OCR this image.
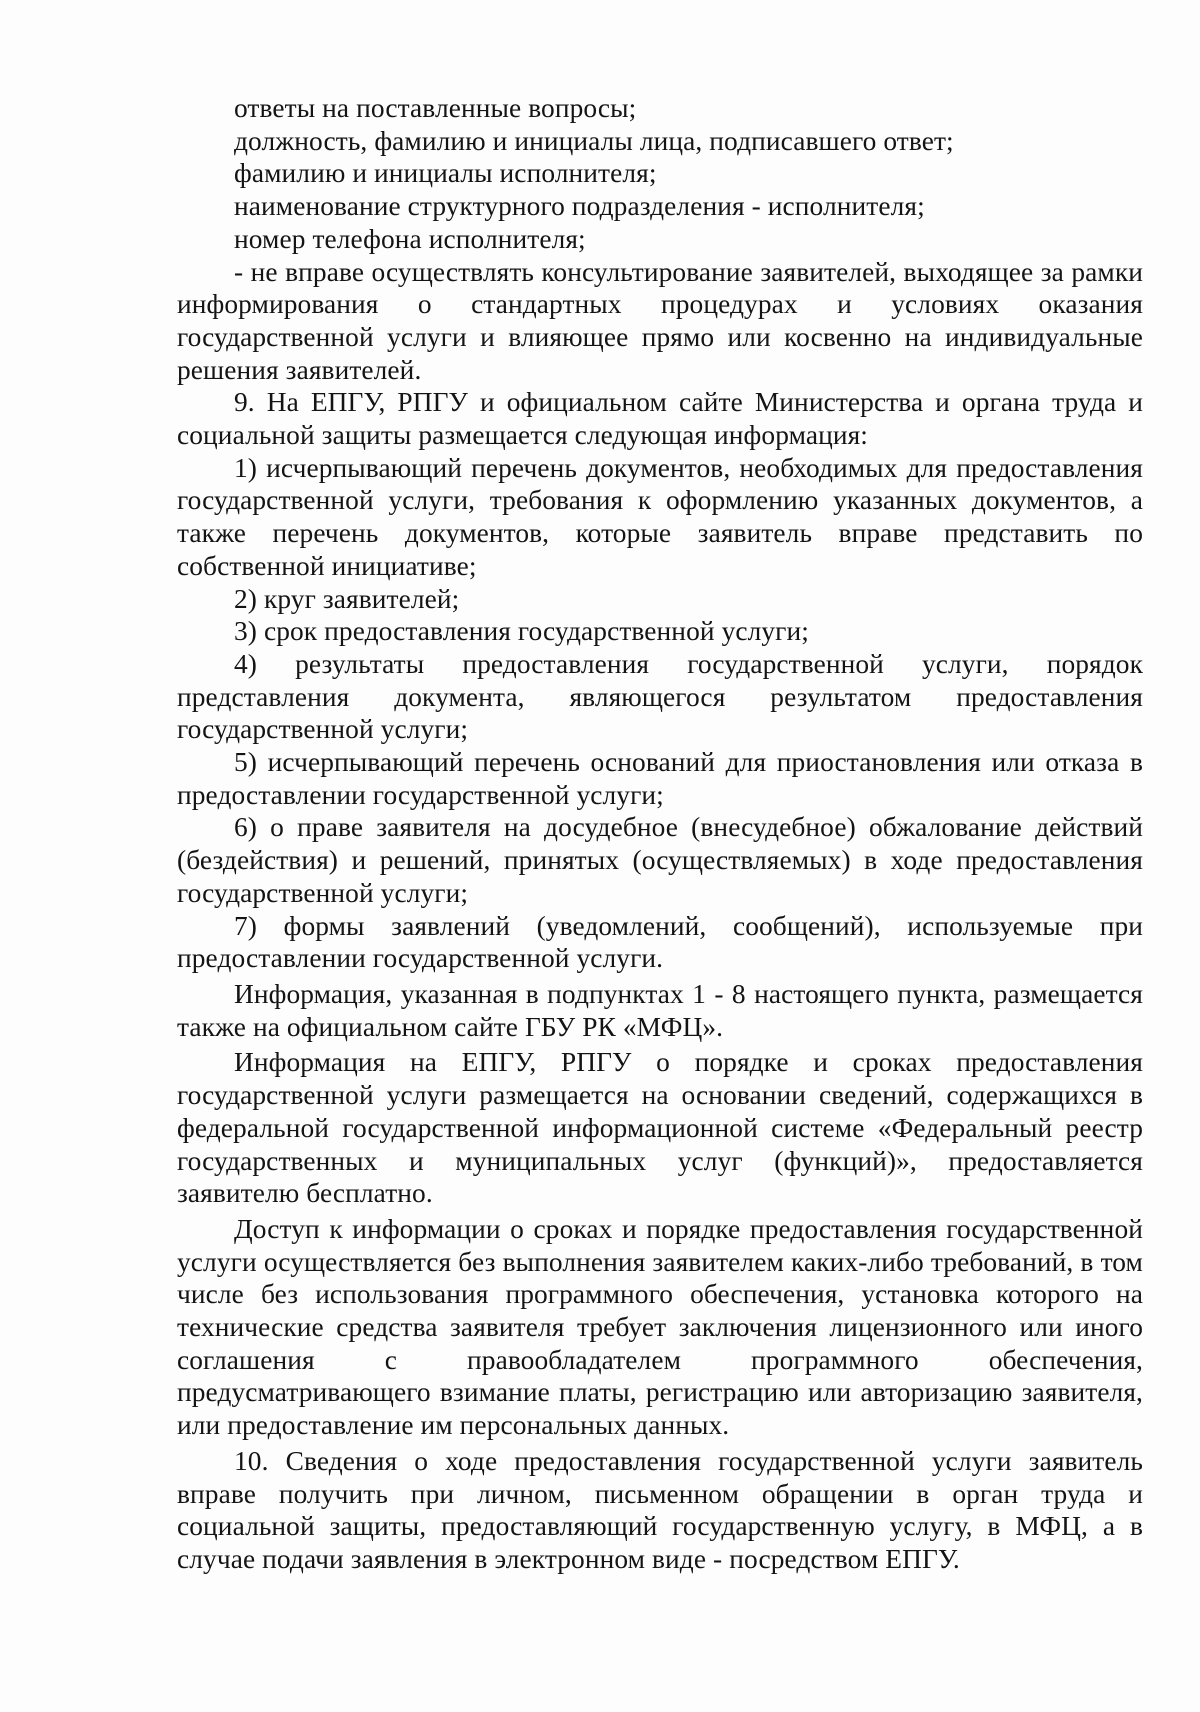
ответы на поставленные вопросы;

должность, фамилию и инициалы лица, подписавшего ответ;

фамилию и инициалы исполнителя;

наименование структурного подразделения - исполнителя;

номер телефона исполнителя;

- не вправе осуществлять консультирование заявителей, выходящее за рамки информирования о стандартных процедурах и условиях оказания государственной услуги и влияющее прямо или косвенно на индивидуальные решения заявителей.

9. На ЕПГУ, РПГУ и официальном сайте Министерства и органа труда и социальной защиты размещается следующая информация:

1) исчерпывающий перечень документов, необходимых для предоставления государственной услуги, требования к оформлению указанных документов, а также перечень документов, которые заявитель вправе представить по собственной инициативе;

2) круг заявителей;

3) срок предоставления государственной услуги;

4) результаты предоставления государственной услуги, порядок представления документа, являющегося результатом предоставления государственной услуги;

5) исчерпывающий перечень оснований для приостановления или отказа в предоставлении государственной услуги;

6) о праве заявителя на досудебное (внесудебное) обжалование действий (бездействия) и решений, принятых (осуществляемых) в ходе предоставления государственной услуги;

7) формы заявлений (уведомлений, сообщений), используемые при предоставлении государственной услуги.

Информация, указанная в подпунктах 1 - 8 настоящего пункта, размещается также на официальном сайте ГБУ РК «МФЦ».

Информация на ЕПГУ, РПГУ о порядке и сроках предоставления государственной услуги размещается на основании сведений, содержащихся в федеральной государственной информационной системе «Федеральный реестр государственных и муниципальных услуг (функций)», предоставляется заявителю бесплатно.

Доступ к информации о сроках и порядке предоставления государственной услуги осуществляется без выполнения заявителем каких-либо требований, в том числе без использования программного обеспечения, установка которого на технические средства заявителя требует заключения лицензионного или иного соглашения с правообладателем программного обеспечения, предусматривающего взимание платы, регистрацию или авторизацию заявителя, или предоставление им персональных данных.

10. Сведения о ходе предоставления государственной услуги заявитель вправе получить при личном, письменном обращении в орган труда и социальной защиты, предоставляющий государственную услугу, в МФЦ, а в случае подачи заявления в электронном виде - посредством ЕПГУ.
